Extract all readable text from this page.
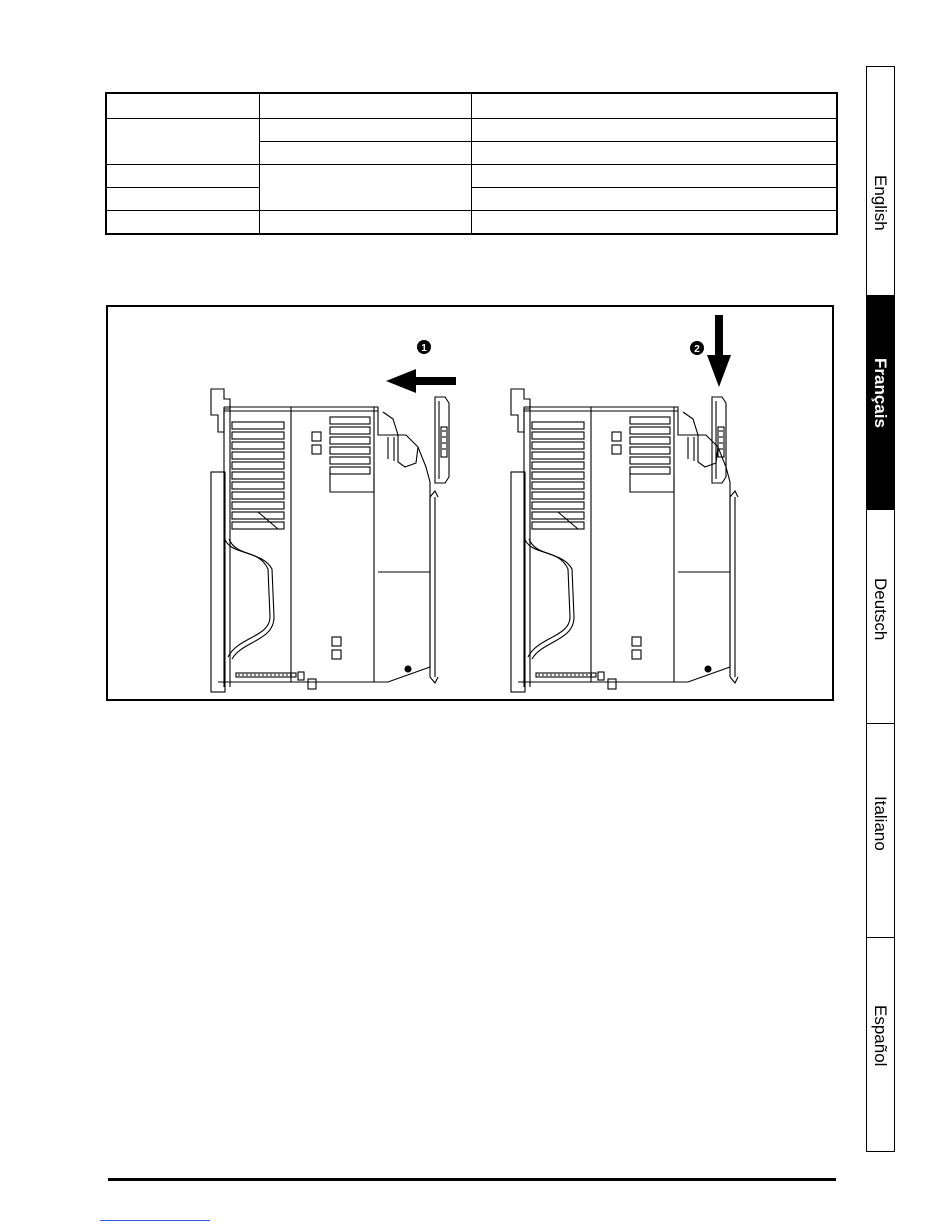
1	2
English
Français
Deutsch
Italiano
Español
